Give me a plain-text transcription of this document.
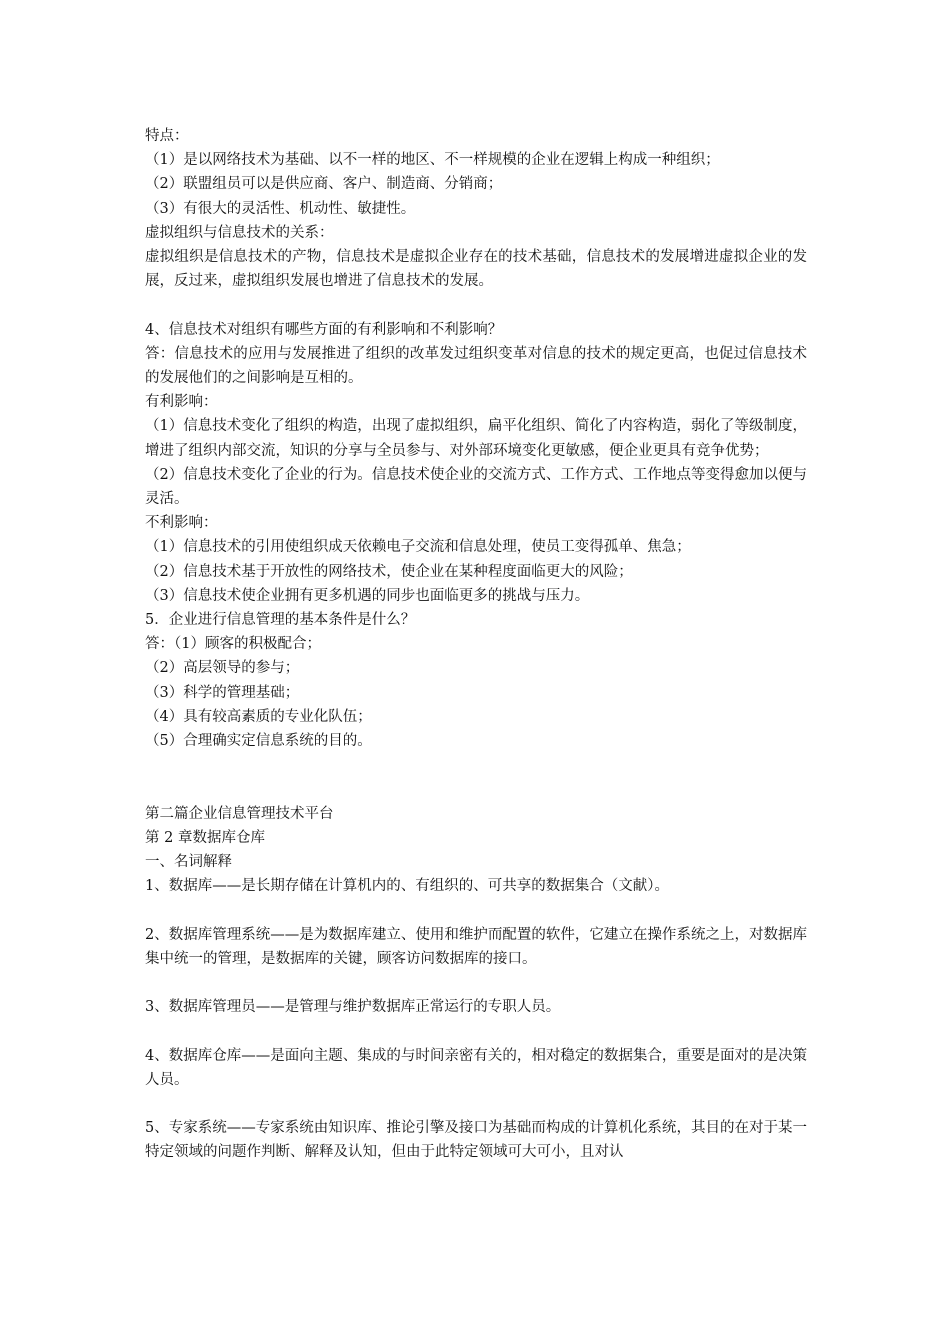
特点：

（1）是以网络技术为基础、以不一样的地区、不一样规模的企业在逻辑上构成一种组织；

（2）联盟组员可以是供应商、客户、制造商、分销商；

（3）有很大的灵活性、机动性、敏捷性。

虚拟组织与信息技术的关系：

虚拟组织是信息技术的产物，信息技术是虚拟企业存在的技术基础，信息技术的发展增进虚拟企业的发展，反过来，虚拟组织发展也增进了信息技术的发展。

4、信息技术对组织有哪些方面的有利影响和不利影响？

答：信息技术的应用与发展推进了组织的改革发过组织变革对信息的技术的规定更高，也促过信息技术的发展他们的之间影响是互相的。

有利影响：

（1）信息技术变化了组织的构造，出现了虚拟组织，扁平化组织、简化了内容构造，弱化了等级制度，增进了组织内部交流，知识的分享与全员参与、对外部环境变化更敏感，便企业更具有竞争优势；

（2）信息技术变化了企业的行为。信息技术使企业的交流方式、工作方式、工作地点等变得愈加以便与灵活。

不利影响：

（1）信息技术的引用使组织成天依赖电子交流和信息处理，使员工变得孤单、焦急；

（2）信息技术基于开放性的网络技术，使企业在某种程度面临更大的风险；

（3）信息技术使企业拥有更多机遇的同步也面临更多的挑战与压力。

5．企业进行信息管理的基本条件是什么？

答：（1）顾客的积极配合；

（2）高层领导的参与；

（3）科学的管理基础；

（4）具有较高素质的专业化队伍；

（5）合理确实定信息系统的目的。

第二篇企业信息管理技术平台

第 2 章数据库仓库

一、名词解释

1、数据库——是长期存储在计算机内的、有组织的、可共享的数据集合（文献）。

2、数据库管理系统——是为数据库建立、使用和维护而配置的软件，它建立在操作系统之上，对数据库集中统一的管理，是数据库的关键，顾客访问数据库的接口。

3、数据库管理员——是管理与维护数据库正常运行的专职人员。

4、数据库仓库——是面向主题、集成的与时间亲密有关的，相对稳定的数据集合，重要是面对的是决策人员。

5、专家系统——专家系统由知识库、推论引擎及接口为基础而构成的计算机化系统，其目的在对于某一特定领域的问题作判断、解释及认知，但由于此特定领域可大可小，且对认
